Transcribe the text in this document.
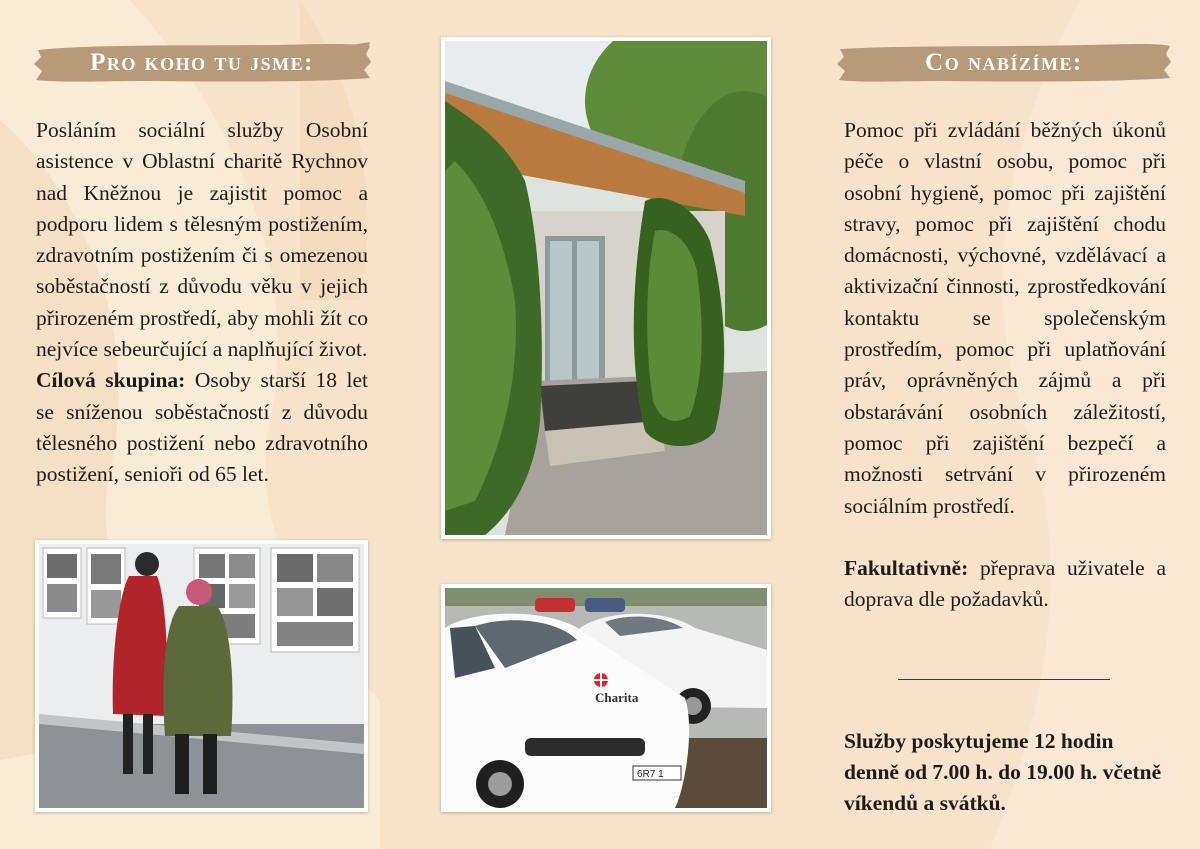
Pro koho tu jsme:	Co nabízíme:

Posláním sociální služby Osobní asistence v Oblastní charitě Rychnov nad Kněžnou je zajistit pomoc a podporu lidem s tělesným postižením, zdravotním postižením či s omezenou soběstačností z důvodu věku v jejich přirozeném prostředí, aby mohli žít co nejvíce sebeurčující a naplňující život.

Cílová skupina: Osoby starší 18 let se sníženou soběstačností z důvodu tělesného postižení nebo zdravotního postižení, senioři od 65 let.

Pomoc při zvládání běžných úkonů péče o vlastní osobu, pomoc při osobní hygieně, pomoc při zajištění stravy, pomoc při zajištění chodu domácnosti, výchovné, vzdělávací a aktivizační činnosti, zprostředkování kontaktu se společenským prostředím, pomoc při uplatňování práv, oprávněných zájmů a při obstarávání osobních záležitostí, pomoc při zajištění bezpečí a možnosti setrvání v přirozeném sociálním prostředí.

Fakultativně: přeprava uživatele a doprava dle požadavků.

Služby poskytujeme 12 hodin denně od 7.00 h. do 19.00 h. včetně víkendů a svátků.
Charita
6R7 1
